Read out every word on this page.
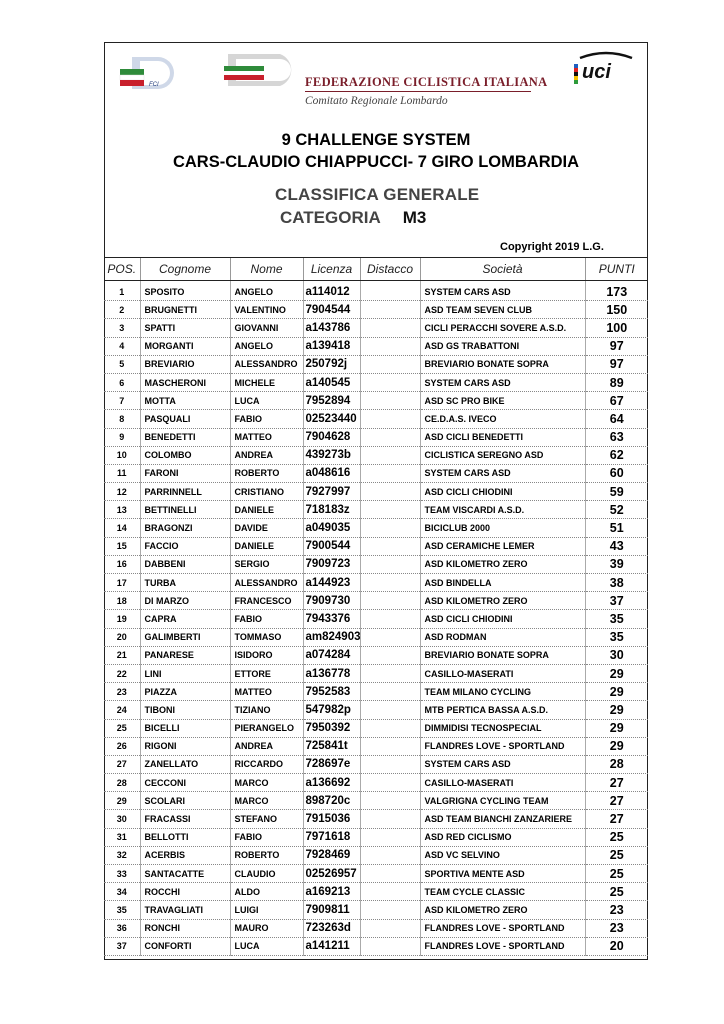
FCI	FEDERAZIONE CICLISTICA ITALIANA
Comitato Regionale Lombardo
uci
9 CHALLENGE SYSTEM
CARS-CLAUDIO CHIAPPUCCI- 7 GIRO LOMBARDIA
CLASSIFICA GENERALE
CATEGORIA M3
Copyright 2019 L.G.
POS.	Cognome	Nome	Licenza	Distacco	Società	PUNTI
1	SPOSITO	ANGELO	a114012		SYSTEM CARS ASD	173
2	BRUGNETTI	VALENTINO	7904544		ASD TEAM SEVEN CLUB	150
3	SPATTI	GIOVANNI	a143786		CICLI PERACCHI SOVERE A.S.D.	100
4	MORGANTI	ANGELO	a139418		ASD GS TRABATTONI	97
5	BREVIARIO	ALESSANDRO	250792j		BREVIARIO BONATE SOPRA	97
6	MASCHERONI	MICHELE	a140545		SYSTEM CARS ASD	89
7	MOTTA	LUCA	7952894		ASD SC PRO BIKE	67
8	PASQUALI	FABIO	02523440		CE.D.A.S. IVECO	64
9	BENEDETTI	MATTEO	7904628		ASD CICLI BENEDETTI	63
10	COLOMBO	ANDREA	439273b		CICLISTICA SEREGNO ASD	62
11	FARONI	ROBERTO	a048616		SYSTEM CARS ASD	60
12	PARRINNELL	CRISTIANO	7927997		ASD CICLI CHIODINI	59
13	BETTINELLI	DANIELE	718183z		TEAM VISCARDI A.S.D.	52
14	BRAGONZI	DAVIDE	a049035		BICICLUB 2000	51
15	FACCIO	DANIELE	7900544		ASD CERAMICHE LEMER	43
16	DABBENI	SERGIO	7909723		ASD KILOMETRO ZERO	39
17	TURBA	ALESSANDRO	a144923		ASD BINDELLA	38
18	DI MARZO	FRANCESCO	7909730		ASD KILOMETRO ZERO	37
19	CAPRA	FABIO	7943376		ASD CICLI CHIODINI	35
20	GALIMBERTI	TOMMASO	am824903		ASD RODMAN	35
21	PANARESE	ISIDORO	a074284		BREVIARIO BONATE SOPRA	30
22	LINI	ETTORE	a136778		CASILLO-MASERATI	29
23	PIAZZA	MATTEO	7952583		TEAM MILANO CYCLING	29
24	TIBONI	TIZIANO	547982p		MTB PERTICA BASSA A.S.D.	29
25	BICELLI	PIERANGELO	7950392		DIMMIDISI TECNOSPECIAL	29
26	RIGONI	ANDREA	725841t		FLANDRES LOVE - SPORTLAND	29
27	ZANELLATO	RICCARDO	728697e		SYSTEM CARS ASD	28
28	CECCONI	MARCO	a136692		CASILLO-MASERATI	27
29	SCOLARI	MARCO	898720c		VALGRIGNA CYCLING TEAM	27
30	FRACASSI	STEFANO	7915036		ASD TEAM BIANCHI ZANZARIERE	27
31	BELLOTTI	FABIO	7971618		ASD RED CICLISMO	25
32	ACERBIS	ROBERTO	7928469		ASD VC SELVINO	25
33	SANTACATTE	CLAUDIO	02526957		SPORTIVA MENTE ASD	25
34	ROCCHI	ALDO	a169213		TEAM CYCLE CLASSIC	25
35	TRAVAGLIATI	LUIGI	7909811		ASD KILOMETRO ZERO	23
36	RONCHI	MAURO	723263d		FLANDRES LOVE - SPORTLAND	23
37	CONFORTI	LUCA	a141211		FLANDRES LOVE - SPORTLAND	20
